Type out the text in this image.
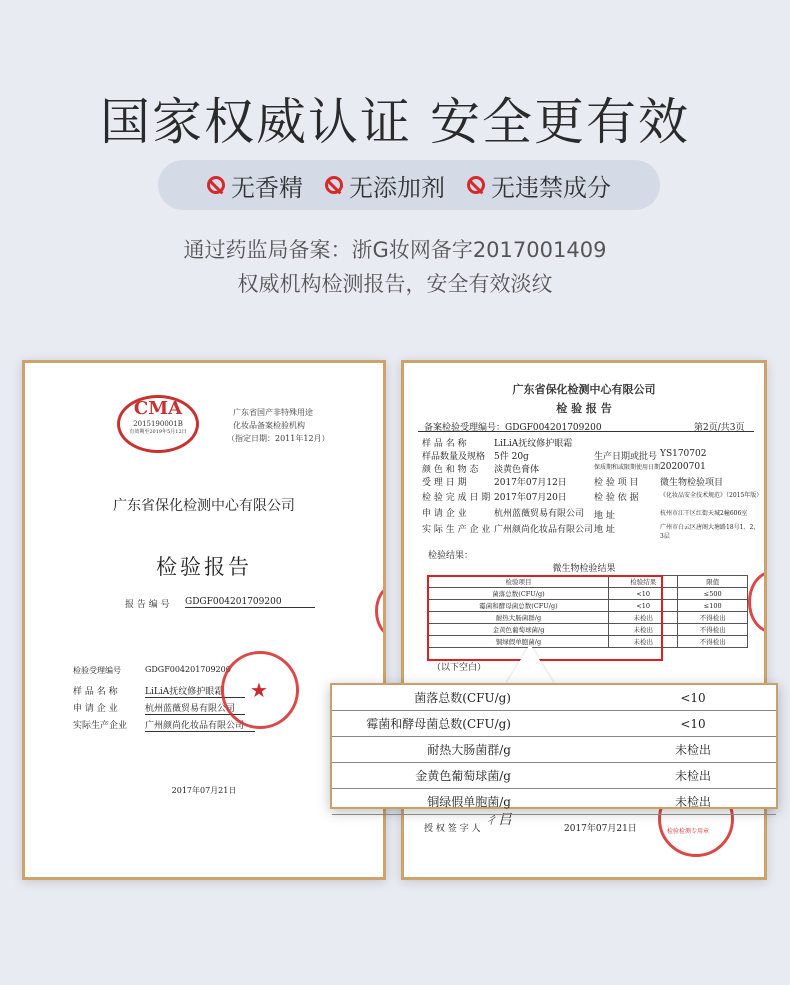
国家权威认证 安全更有效
无香精 无添加剂 无违禁成分
通过药监局备案：浙G妆网备字2017001409
权威机构检测报告，安全有效淡纹
CMA
2015190001B
有效期至2019年5月12日
广东省国产非特殊用途
化妆品备案检验机构
（指定日期：2011年12月）
广东省保化检测中心有限公司
检验报告
报 告 编 号 GDGF004201709200
检验受理编号	GDGF004201709200
样 品 名 称	LiLiA抚纹修护眼霜
申 请 企 业	杭州蓝薇贸易有限公司
实际生产企业 广州颜尚化妆品有限公司
★
2017年07月21日
广东省保化检测中心有限公司
检 验 报 告
备案检验受理编号：GDGF004201709200	第2页/共3页
样 品 名 称	LiLiA抚纹修护眼霜
样品数量及规格 5件 20g
颜 色 和 物 态 淡黄色膏体
受 理 日 期	2017年07月12日
检 验 完 成 日 期 2017年07月20日
申 请 企 业	杭州蓝薇贸易有限公司
实 际 生 产 企 业 广州颜尚化妆品有限公司
生产日期或批号 YS170702
保质期和或限期使用日期 20200701
检 验 项 目 微生物检验项目
检 验 依 据	《化妆品安全技术规范》（2015年版）
地 址	杭州市江干区红街天城2幢606室
地 址	广州市白云区唐阁大塘路18号1、2、3层
检验结果：
微生物检验结果
检验项目	检验结果	限值
菌落总数(CFU/g)	<10	≤500
霉菌和酵母菌总数(CFU/g)	<10	≤100
耐热大肠菌群/g	未检出	不得检出
金黄色葡萄球菌/g	未检出	不得检出
铜绿假单胞菌/g	未检出	不得检出
（以下空白）
授 权 签 字 人
ㄔ㠯
2017年07月21日	检验检测专用章
菌落总数(CFU/g)	<10
霉菌和酵母菌总数(CFU/g)	<10
耐热大肠菌群/g	未检出
金黄色葡萄球菌/g	未检出
铜绿假单胞菌/g	未检出
